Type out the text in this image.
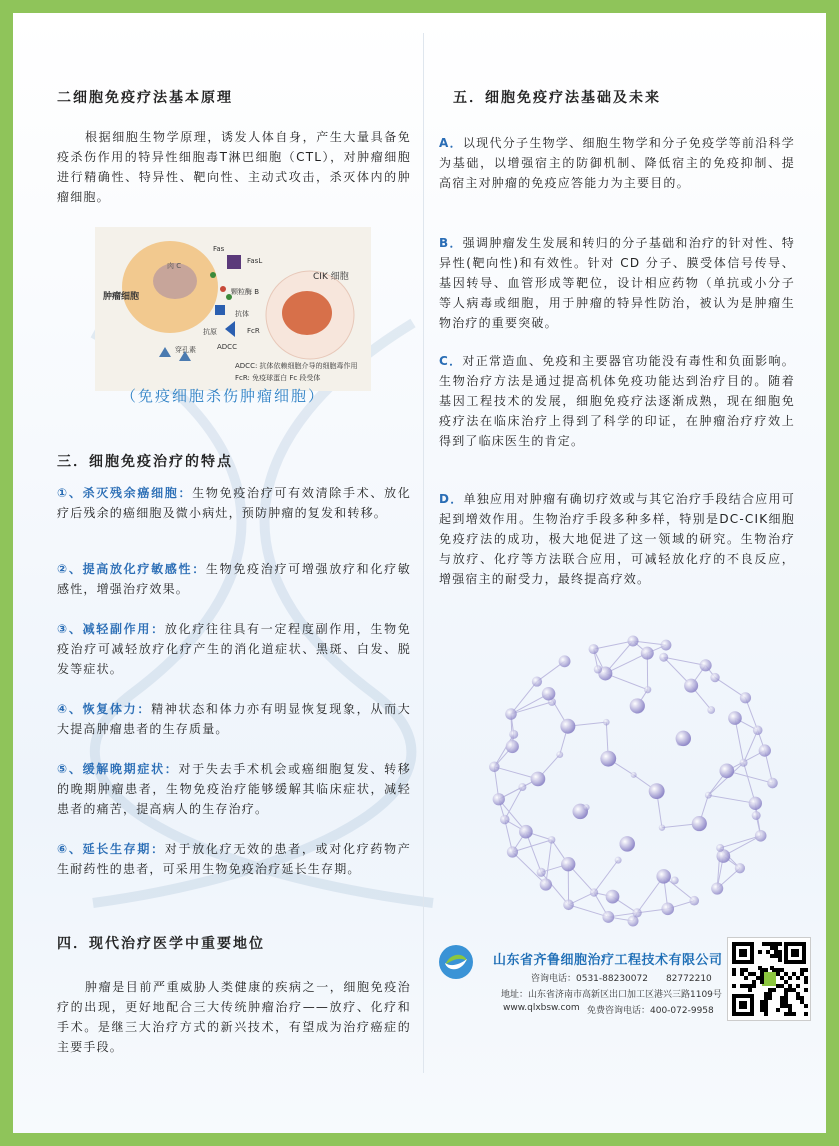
二细胞免疫疗法基本原理

根据细胞生物学原理，诱发人体自身，产生大量具备免疫杀伤作用的特异性细胞毒T淋巴细胞（CTL），对肿瘤细胞进行精确性、特异性、靶向性、主动式攻击，杀灭体内的肿瘤细胞。

肿瘤细胞
CIK 细胞
肉 C
Fas
FasL
颗粒酶 B
抗原
抗体
FcR
ADCC
穿孔素
ADCC: 抗体依赖细胞介导的细胞毒作用
FcR: 免疫球蛋白 Fc 段受体
（免疫细胞杀伤肿瘤细胞）
三．细胞免疫治疗的特点

①、杀灭残余癌细胞：生物免疫治疗可有效清除手术、放化疗后残余的癌细胞及微小病灶，预防肿瘤的复发和转移。

②、提高放化疗敏感性：生物免疫治疗可增强放疗和化疗敏感性，增强治疗效果。

③、减轻副作用：放化疗往往具有一定程度副作用，生物免疫治疗可减轻放疗化疗产生的消化道症状、黑斑、白发、脱发等症状。

④、恢复体力：精神状态和体力亦有明显恢复现象，从而大大提高肿瘤患者的生存质量。

⑤、缓解晚期症状：对于失去手术机会或癌细胞复发、转移的晚期肿瘤患者，生物免疫治疗能够缓解其临床症状，减轻患者的痛苦，提高病人的生存治疗。

⑥、延长生存期：对于放化疗无效的患者，或对化疗药物产生耐药性的患者，可采用生物免疫治疗延长生存期。

四．现代治疗医学中重要地位

肿瘤是目前严重威胁人类健康的疾病之一，细胞免疫治疗的出现，更好地配合三大传统肿瘤治疗——放疗、化疗和手术。是继三大治疗方式的新兴技术，有望成为治疗癌症的主要手段。

五．细胞免疫疗法基础及未来

A．以现代分子生物学、细胞生物学和分子免疫学等前沿科学为基础，以增强宿主的防御机制、降低宿主的免疫抑制、提高宿主对肿瘤的免疫应答能力为主要目的。

B．强调肿瘤发生发展和转归的分子基础和治疗的针对性、特异性(靶向性)和有效性。针对 CD 分子、膜受体信号传导、基因转导、血管形成等靶位，设计相应药物（单抗或小分子等人病毒或细胞，用于肿瘤的特异性防治，被认为是肿瘤生物治疗的重要突破。

C．对正常造血、免疫和主要器官功能没有毒性和负面影响。生物治疗方法是通过提高机体免疫功能达到治疗目的。随着基因工程技术的发展，细胞免疫疗法逐渐成熟，现在细胞免疫疗法在临床治疗上得到了科学的印证，在肿瘤治疗疗效上得到了临床医生的肯定。

D．单独应用对肿瘤有确切疗效或与其它治疗手段结合应用可起到增效作用。生物治疗手段多种多样，特别是DC-CIK细胞免疫疗法的成功，极大地促进了这一领域的研究。生物治疗与放疗、化疗等方法联合应用，可减轻放化疗的不良反应，增强宿主的耐受力，最终提高疗效。

山东省齐鲁细胞治疗工程技术有限公司
咨询电话：0531-88230072　　82772210
地址：山东省济南市高新区出口加工区港兴三路1109号
www.qlxbsw.com 免费咨询电话：400-072-9958
